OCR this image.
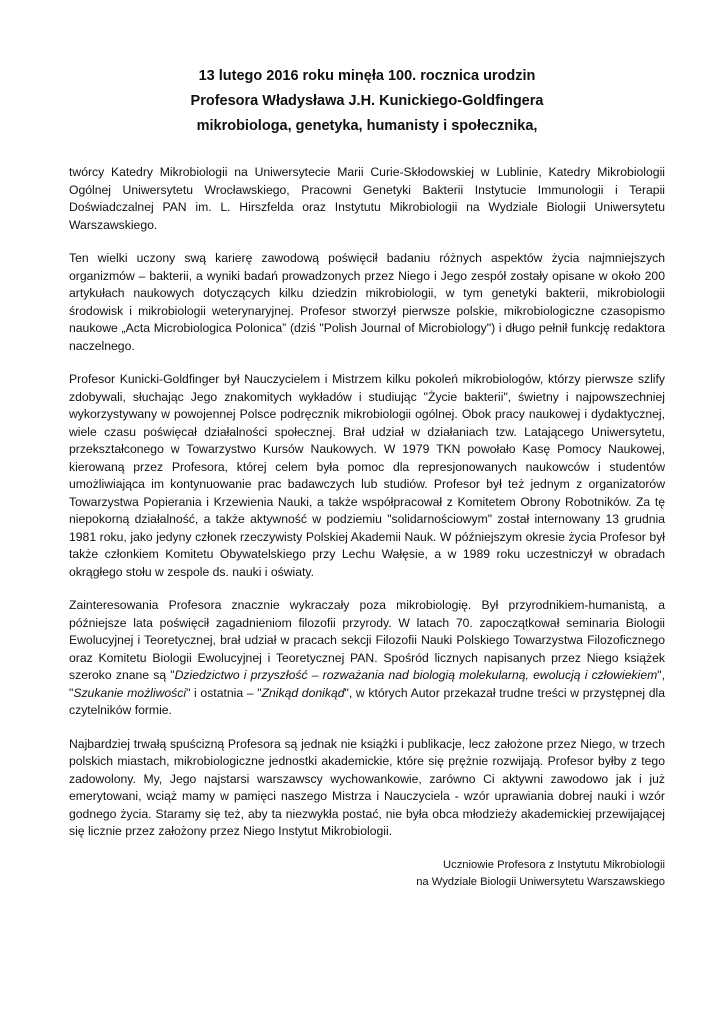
13 lutego 2016 roku minęła 100. rocznica urodzin
Profesora Władysława J.H. Kunickiego-Goldfingera
mikrobiologa, genetyka, humanisty i społecznika,

twórcy Katedry Mikrobiologii na Uniwersytecie Marii Curie-Skłodowskiej w Lublinie, Katedry Mikrobiologii Ogólnej Uniwersytetu Wrocławskiego, Pracowni Genetyki Bakterii Instytucie Immunologii i Terapii Doświadczalnej PAN im. L. Hirszfelda oraz Instytutu Mikrobiologii na Wydziale Biologii Uniwersytetu Warszawskiego.

Ten wielki uczony swą karierę zawodową poświęcił badaniu różnych aspektów życia najmniejszych organizmów – bakterii, a wyniki badań prowadzonych przez Niego i Jego zespół zostały opisane w około 200 artykułach naukowych dotyczących kilku dziedzin mikrobiologii, w tym genetyki bakterii, mikrobiologii środowisk i mikrobiologii weterynaryjnej. Profesor stworzył pierwsze polskie, mikrobiologiczne czasopismo naukowe „Acta Microbiologica Polonica” (dziś "Polish Journal of Microbiology") i długo pełnił funkcję redaktora naczelnego.

Profesor Kunicki-Goldfinger był Nauczycielem i Mistrzem kilku pokoleń mikrobiologów, którzy pierwsze szlify zdobywali, słuchając Jego znakomitych wykładów i studiując "Życie bakterii", świetny i najpowszechniej wykorzystywany w powojennej Polsce podręcznik mikrobiologii ogólnej. Obok pracy naukowej i dydaktycznej, wiele czasu poświęcał działalności społecznej. Brał udział w działaniach tzw. Latającego Uniwersytetu, przekształconego w Towarzystwo Kursów Naukowych. W 1979 TKN powołało Kasę Pomocy Naukowej, kierowaną przez Profesora, której celem była pomoc dla represjonowanych naukowców i studentów umożliwiająca im kontynuowanie prac badawczych lub studiów. Profesor był też jednym z organizatorów Towarzystwa Popierania i Krzewienia Nauki, a także współpracował z Komitetem Obrony Robotników. Za tę niepokorną działalność, a także aktywność w podziemiu "solidarnościowym" został internowany 13 grudnia 1981 roku, jako jedyny członek rzeczywisty Polskiej Akademii Nauk. W późniejszym okresie życia Profesor był także członkiem Komitetu Obywatelskiego przy Lechu Wałęsie, a w 1989 roku uczestniczył w obradach okrągłego stołu w zespole ds. nauki i oświaty.

Zainteresowania Profesora znacznie wykraczały poza mikrobiologię. Był przyrodnikiem-humanistą, a późniejsze lata poświęcił zagadnieniom filozofii przyrody. W latach 70. zapoczątkował seminaria Biologii Ewolucyjnej i Teoretycznej, brał udział w pracach sekcji Filozofii Nauki Polskiego Towarzystwa Filozoficznego oraz Komitetu Biologii Ewolucyjnej i Teoretycznej PAN. Spośród licznych napisanych przez Niego książek szeroko znane są "Dziedzictwo i przyszłość – rozważania nad biologią molekularną, ewolucją i człowiekiem", "Szukanie możliwości" i ostatnia – "Znikąd donikąd", w których Autor przekazał trudne treści w przystępnej dla czytelników formie.

Najbardziej trwałą spuścizną Profesora są jednak nie książki i publikacje, lecz założone przez Niego, w trzech polskich miastach, mikrobiologiczne jednostki akademickie, które się prężnie rozwijają. Profesor byłby z tego zadowolony. My, Jego najstarsi warszawscy wychowankowie, zarówno Ci aktywni zawodowo jak i już emerytowani, wciąż mamy w pamięci naszego Mistrza i Nauczyciela - wzór uprawiania dobrej nauki i wzór godnego życia. Staramy się też, aby ta niezwykła postać, nie była obca młodzieży akademickiej przewijającej się licznie przez założony przez Niego Instytut Mikrobiologii.

Uczniowie Profesora z Instytutu Mikrobiologii
na Wydziale Biologii Uniwersytetu Warszawskiego
